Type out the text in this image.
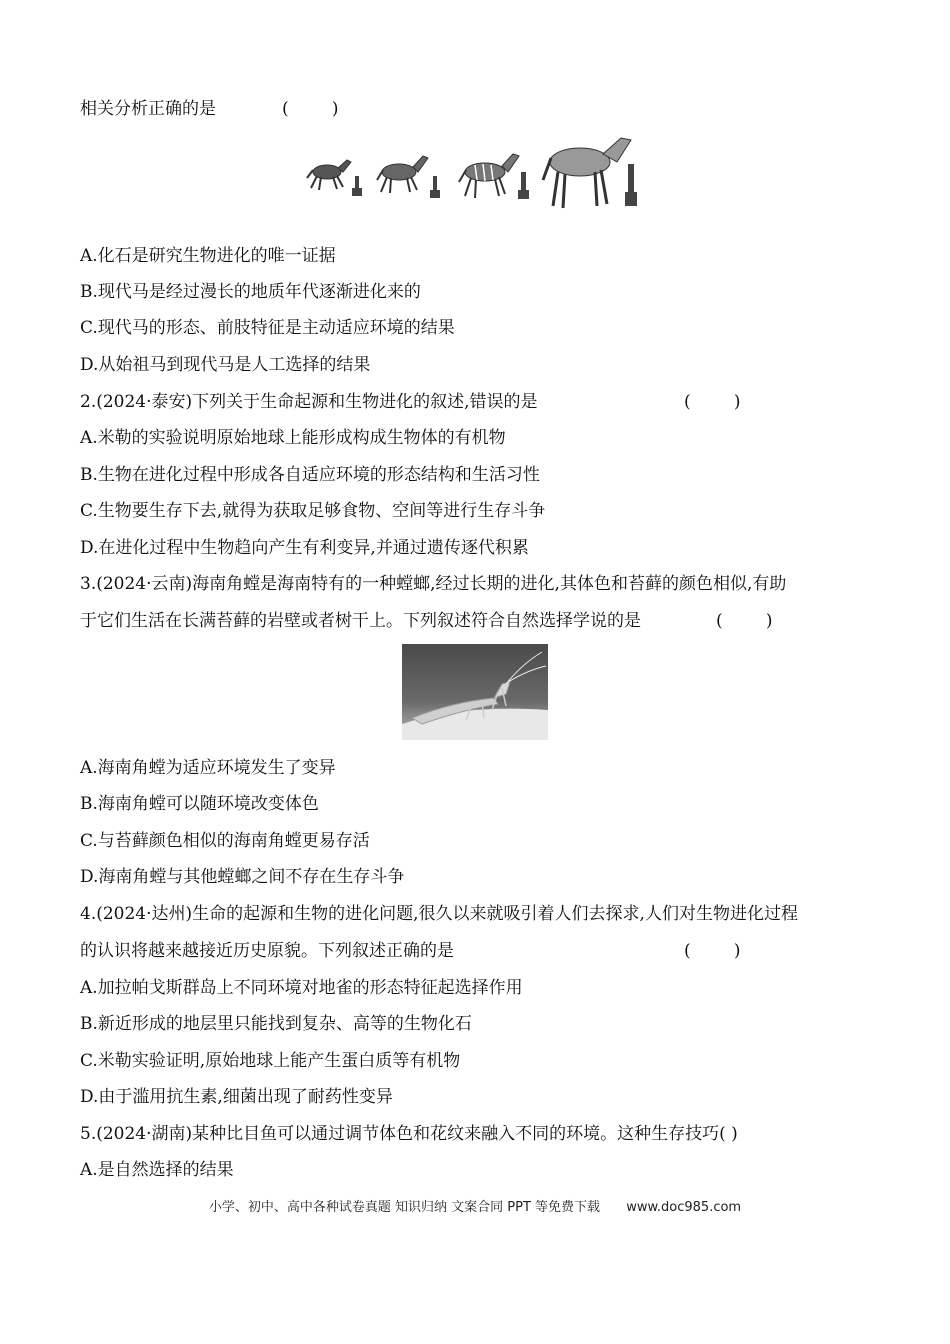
相关分析正确的是	(        )
A.化石是研究生物进化的唯一证据
B.现代马是经过漫长的地质年代逐渐进化来的
C.现代马的形态、前肢特征是主动适应环境的结果
D.从始祖马到现代马是人工选择的结果
2.(2024·泰安)下列关于生命起源和生物进化的叙述,错误的是	(        )
A.米勒的实验说明原始地球上能形成构成生物体的有机物
B.生物在进化过程中形成各自适应环境的形态结构和生活习性
C.生物要生存下去,就得为获取足够食物、空间等进行生存斗争
D.在进化过程中生物趋向产生有利变异,并通过遗传逐代积累
3.(2024·云南)海南角螳是海南特有的一种螳螂,经过长期的进化,其体色和苔藓的颜色相似,有助
于它们生活在长满苔藓的岩壁或者树干上。下列叙述符合自然选择学说的是	(        )
A.海南角螳为适应环境发生了变异
B.海南角螳可以随环境改变体色
C.与苔藓颜色相似的海南角螳更易存活
D.海南角螳与其他螳螂之间不存在生存斗争
4.(2024·达州)生命的起源和生物的进化问题,很久以来就吸引着人们去探求,人们对生物进化过程
的认识将越来越接近历史原貌。下列叙述正确的是	(        )
A.加拉帕戈斯群岛上不同环境对地雀的形态特征起选择作用
B.新近形成的地层里只能找到复杂、高等的生物化石
C.米勒实验证明,原始地球上能产生蛋白质等有机物
D.由于滥用抗生素,细菌出现了耐药性变异
5.(2024·湖南)某种比目鱼可以通过调节体色和花纹来融入不同的环境。这种生存技巧( )
A.是自然选择的结果
小学、初中、高中各种试卷真题 知识归纳 文案合同 PPT 等免费下载 www.doc985.com
